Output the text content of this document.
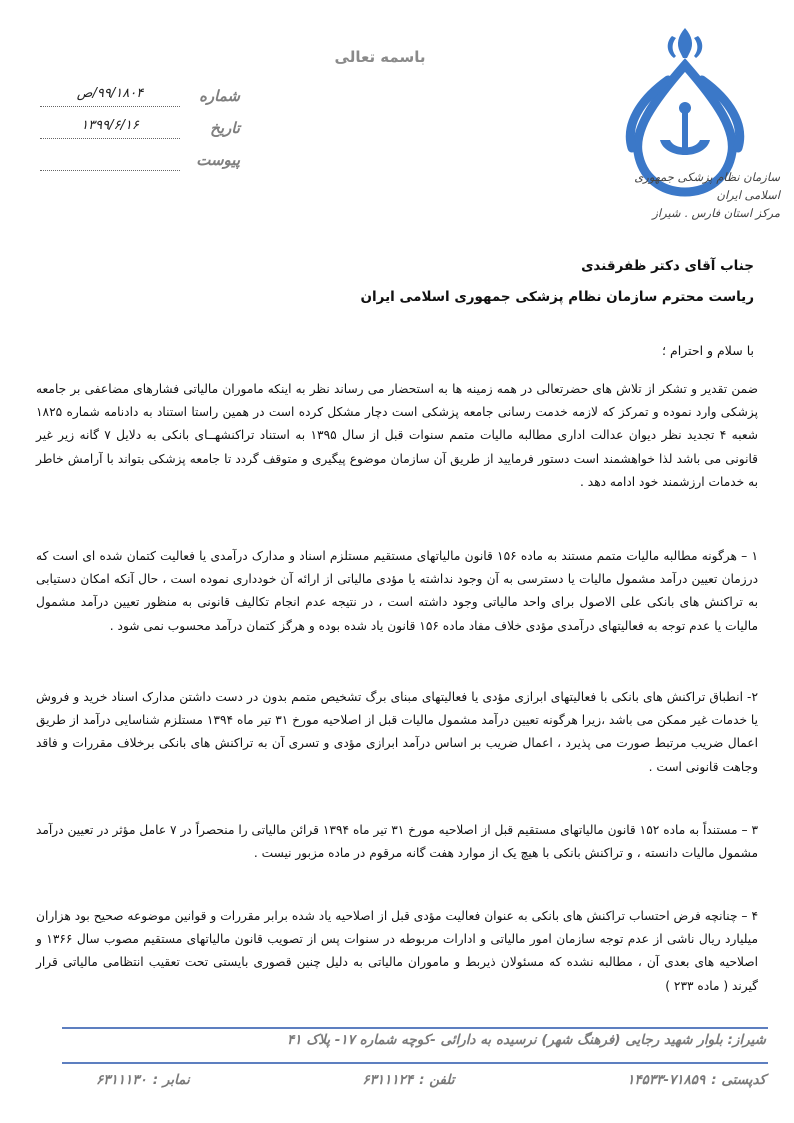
باسمه تعالی
شماره
۹۹/۱۸۰۴/ص
تاریخ
۱۳۹۹/۶/۱۶
پیوست
سازمان نظام پزشکی جمهوری اسلامی ایران
مرکز استان فارس . شیراز
جناب آقای دکتر ظفرقندی
ریاست محترم سازمان نظام پزشکی جمهوری اسلامی ایران
با سلام و احترام ؛
ضمن تقدیر و تشکر از تلاش های حضرتعالی در همه زمینه ها به استحضار می رساند نظر به اینکه ماموران مالیاتی فشارهای مضاعفی بر جامعه پزشکی وارد نموده و تمرکز که لازمه خدمت رسانی جامعه پزشکی است دچار مشکل کرده است در همین راستا استناد به دادنامه شماره ۱۸۲۵ شعبه ۴ تجدید نظر دیوان عدالت اداری مطالبه مالیات متمم سنوات قبل از سال ۱۳۹۵ به استناد تراکنشهــای بانکی به دلایل ۷ گانه زیر غیر قانونی می باشد لذا خواهشمند است دستور فرمایید از طریق آن سازمان موضوع پیگیری و متوقف گردد تا جامعه پزشکی بتواند با آرامش خاطر به خدمات ارزشمند خود ادامه دهد .
۱ – هرگونه مطالبه مالیات متمم مستند به ماده ۱۵۶ قانون مالیاتهای مستقیم مستلزم اسناد و مدارک درآمدی یا فعالیت کتمان شده ای است که درزمان تعیین درآمد مشمول مالیات یا دسترسی به آن وجود نداشته یا مؤدی مالیاتی از ارائه آن خودداری نموده است ، حال آنکه امکان دستیابی به تراکنش های بانکی علی الاصول برای واحد مالیاتی وجود داشته است ، در نتیجه عدم انجام تکالیف قانونی به منظور تعیین درآمد مشمول مالیات یا عدم توجه به فعالیتهای درآمدی مؤدی خلاف مفاد ماده ۱۵۶ قانون یاد شده بوده و هرگز کتمان درآمد محسوب نمی شود .
۲- انطباق تراکنش های بانکی با فعالیتهای ابرازی مؤدی یا فعالیتهای مبنای برگ تشخیص متمم بدون در دست داشتن مدارک اسناد خرید و فروش یا خدمات غیر ممکن می باشد ،زیرا هرگونه تعیین درآمد مشمول مالیات قبل از اصلاحیه مورخ ۳۱ تیر ماه ۱۳۹۴ مستلزم شناسایی درآمد از طریق اعمال ضریب مرتبط صورت می پذیرد ، اعمال ضریب بر اساس درآمد ابرازی مؤدی و تسری آن به تراکنش های بانکی برخلاف مقررات و فاقد وجاهت قانونی است .
۳ – مستنداً به ماده ۱۵۲ قانون مالیاتهای مستقیم قبل از اصلاحیه مورخ ۳۱ تیر ماه ۱۳۹۴ قرائن مالیاتی را منحصراً در ۷ عامل مؤثر در تعیین درآمد مشمول مالیات دانسته ، و تراکنش بانکی با هیچ یک از موارد هفت گانه مرقوم در ماده مزبور نیست .
۴ – چنانچه فرض احتساب تراکنش های بانکی به عنوان فعالیت مؤدی قبل از اصلاحیه یاد شده برابر مقررات و قوانین موضوعه صحیح بود هزاران میلیارد ریال ناشی از عدم توجه سازمان امور مالیاتی و ادارات مربوطه در سنوات پس از تصویب قانون مالیاتهای مستقیم مصوب سال ۱۳۶۶ و اصلاحیه های بعدی آن ، مطالبه نشده که مسئولان ذیربط و ماموران مالیاتی به دلیل چنین قصوری بایستی تحت تعقیب انتظامی مالیاتی قرار گیرند ( ماده ۲۳۳ )
شیراز: بلوار شهید رجایی (فرهنگ شهر) نرسیده به دارائی -کوچه شماره ۱۷- پلاک ۴۱
کدپستی :۷۱۸۵۹-۱۴۵۳۳
تلفن :۶۳۱۱۱۲۴
نمابر :۶۳۱۱۱۳۰
